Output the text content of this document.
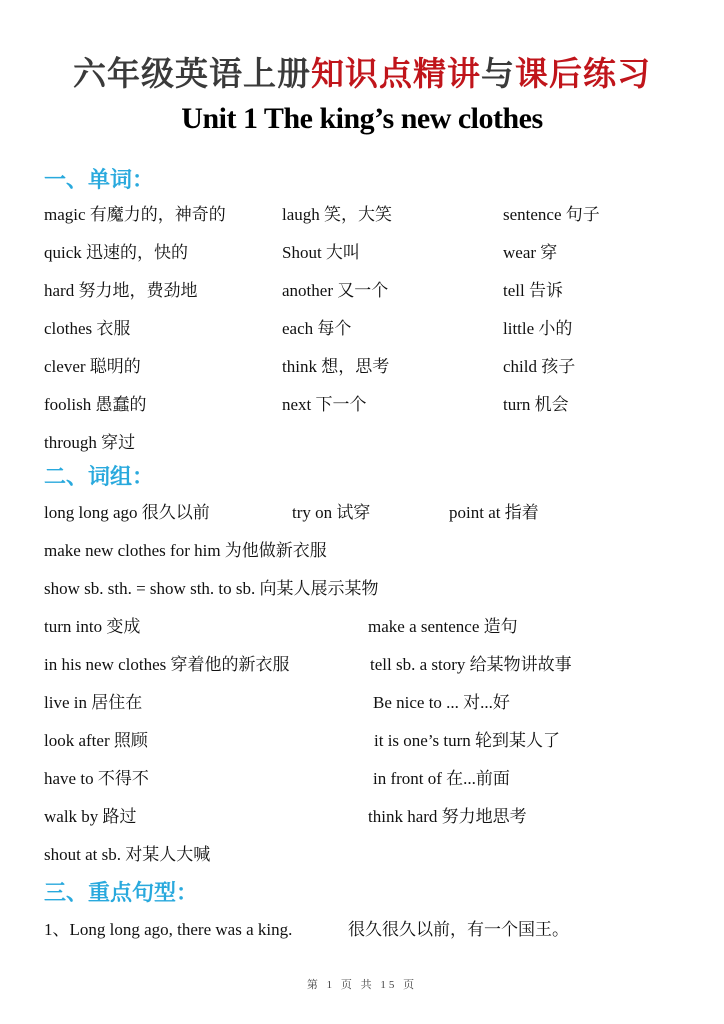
六年级英语上册知识点精讲与课后练习
Unit 1 The king’s new clothes
一、单词：
magic 有魔力的，神奇的	laugh 笑，大笑	sentence 句子
quick 迅速的，快的	Shout 大叫	wear 穿
hard 努力地，费劲地	another 又一个	tell 告诉
clothes 衣服	each 每个	little 小的
clever 聪明的	think 想，思考	child 孩子
foolish 愚蠢的	next 下一个	turn 机会
through 穿过
二、词组：
long long ago 很久以前	try on 试穿	point at 指着
make new clothes for him 为他做新衣服
show sb. sth. = show sth. to sb. 向某人展示某物
turn into 变成	make a sentence 造句
in his new clothes 穿着他的新衣服	tell sb. a story 给某物讲故事
live in 居住在	Be nice to ... 对...好
look after 照顾	it is one’s turn 轮到某人了
have to 不得不	in front of 在...前面
walk by 路过	think hard 努力地思考
shout at sb. 对某人大喊
三、重点句型：
1、Long long ago, there was a king.	很久很久以前，有一个国王。
第 1 页 共 15 页
